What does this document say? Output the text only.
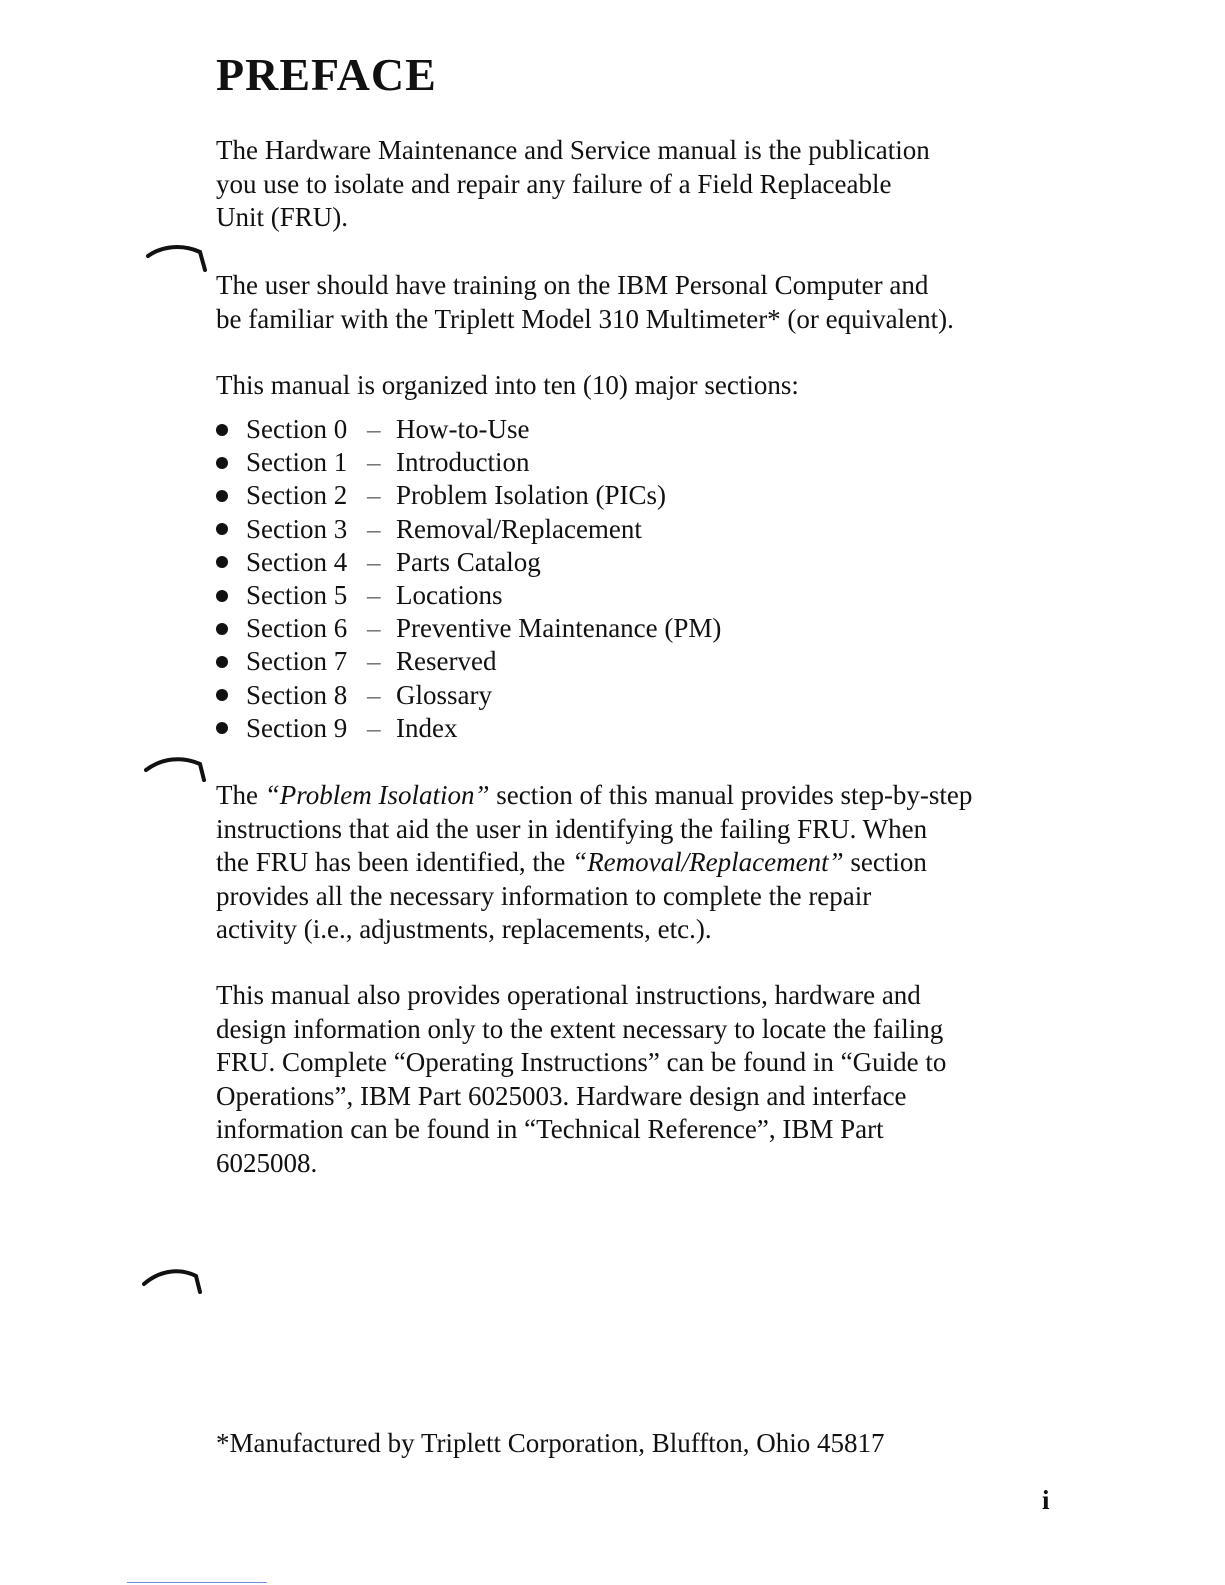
PREFACE

The Hardware Maintenance and Service manual is the publication
you use to isolate and repair any failure of a Field Replaceable
Unit (FRU).

The user should have training on the IBM Personal Computer and
be familiar with the Triplett Model 310 Multimeter* (or equivalent).

This manual is organized into ten (10) major sections:

Section 0 – How-to-Use
Section 1 – Introduction
Section 2 – Problem Isolation (PICs)
Section 3 – Removal/Replacement
Section 4 – Parts Catalog
Section 5 – Locations
Section 6 – Preventive Maintenance (PM)
Section 7 – Reserved
Section 8 – Glossary
Section 9 – Index

The “Problem Isolation” section of this manual provides step-by-step
instructions that aid the user in identifying the failing FRU. When
the FRU has been identified, the “Removal/Replacement” section
provides all the necessary information to complete the repair
activity (i.e., adjustments, replacements, etc.).

This manual also provides operational instructions, hardware and
design information only to the extent necessary to locate the failing
FRU. Complete “Operating Instructions” can be found in “Guide to
Operations”, IBM Part 6025003. Hardware design and interface
information can be found in “Technical Reference”, IBM Part
6025008.

*Manufactured by Triplett Corporation, Bluffton, Ohio 45817

i
